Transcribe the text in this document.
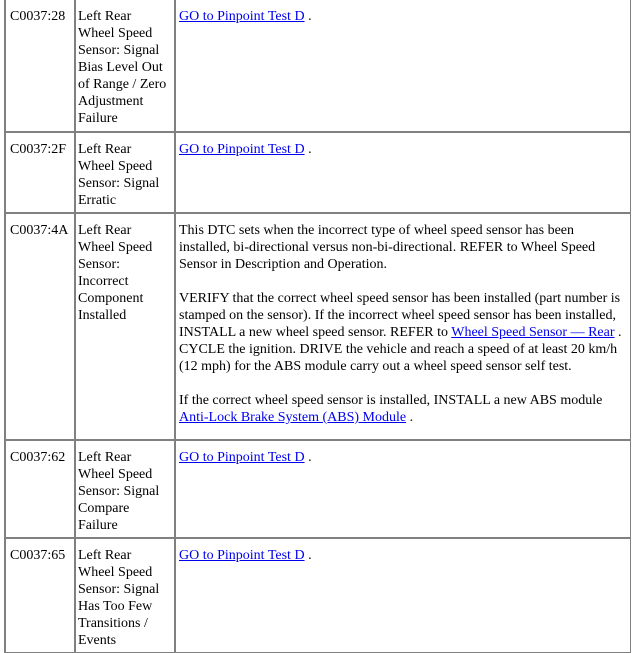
C0037:28	Left Rear Wheel Speed Sensor: Signal Bias Level Out of Range / Zero Adjustment Failure	GO to Pinpoint Test D .
C0037:2F	Left Rear Wheel Speed Sensor: Signal Erratic	GO to Pinpoint Test D .
C0037:4A	Left Rear Wheel Speed Sensor: Incorrect Component Installed	This DTC sets when the incorrect type of wheel speed sensor has been installed, bi-directional versus non-bi-directional. REFER to Wheel Speed Sensor in Description and Operation.
VERIFY that the correct wheel speed sensor has been installed (part number is stamped on the sensor). If the incorrect wheel speed sensor has been installed, INSTALL a new wheel speed sensor. REFER to Wheel Speed Sensor — Rear . CYCLE the ignition. DRIVE the vehicle and reach a speed of at least 20 km/h (12 mph) for the ABS module carry out a wheel speed sensor self test.
If the correct wheel speed sensor is installed, INSTALL a new ABS module Anti-Lock Brake System (ABS) Module .

C0037:62	Left Rear Wheel Speed Sensor: Signal Compare Failure	GO to Pinpoint Test D .
C0037:65	Left Rear Wheel Speed Sensor: Signal Has Too Few Transitions / Events	GO to Pinpoint Test D .
